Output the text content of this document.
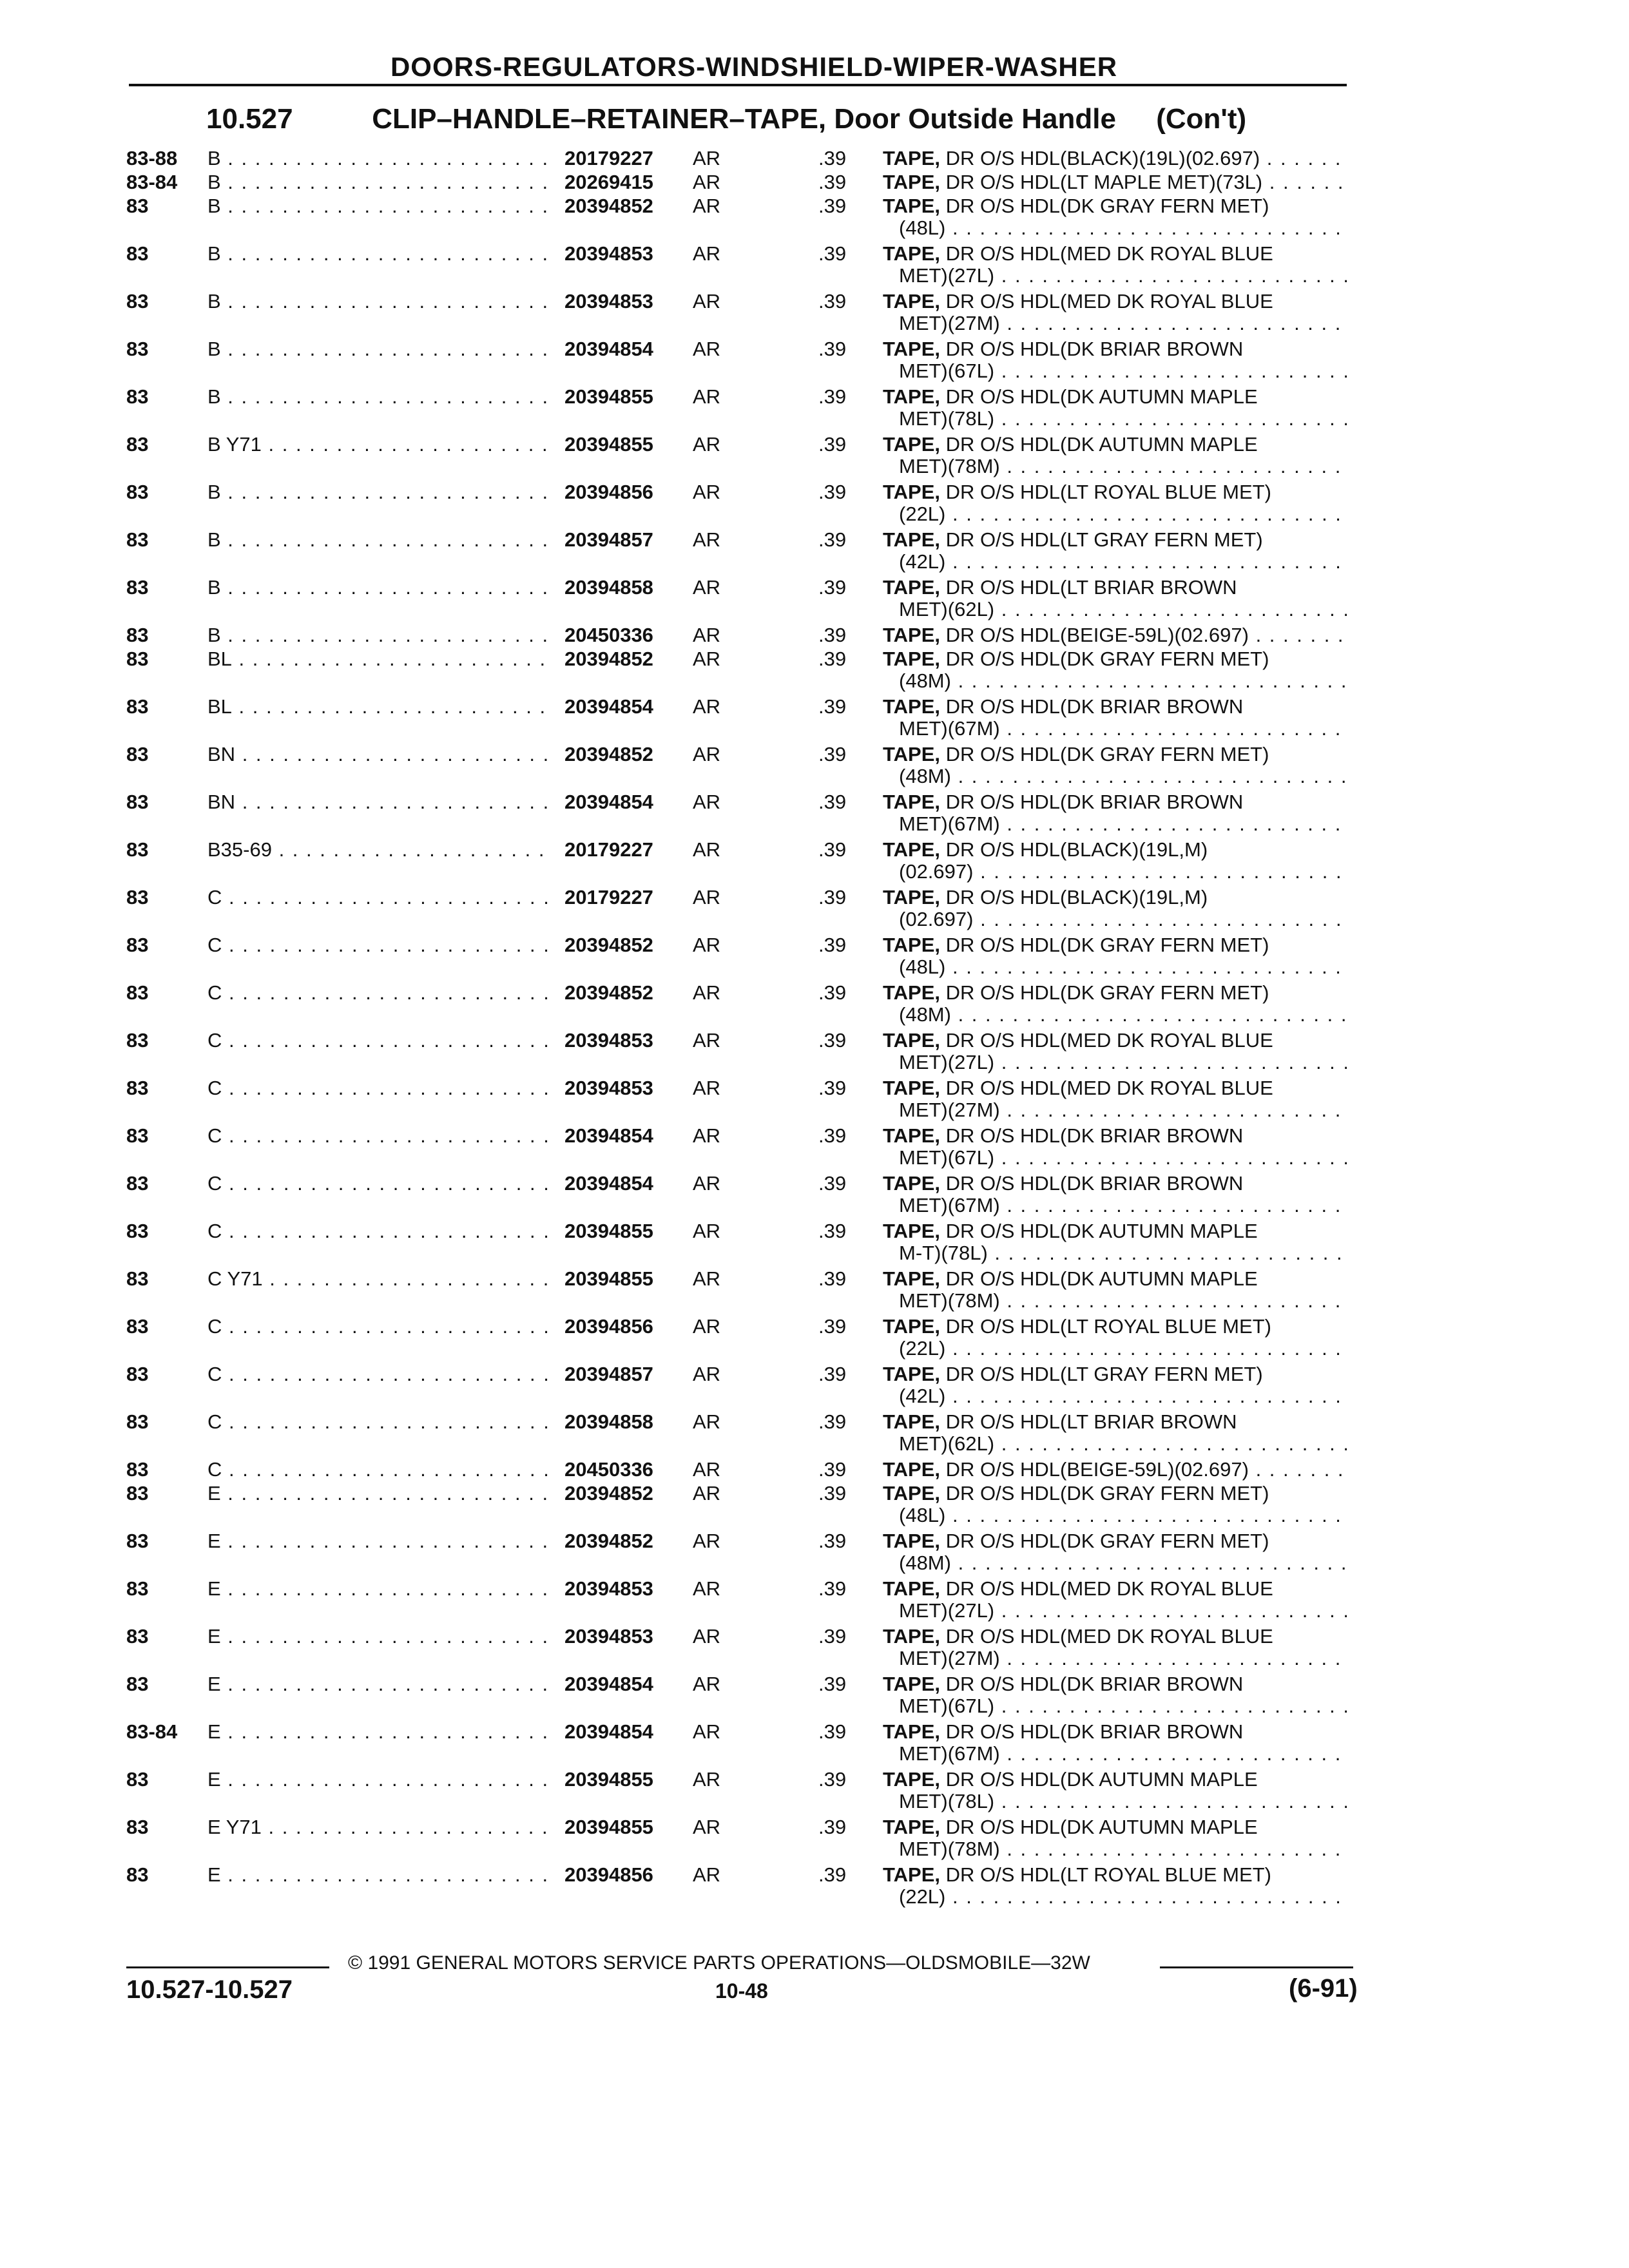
DOORS-REGULATORS-WINDSHIELD-WIPER-WASHER
10.527	CLIP–HANDLE–RETAINER–TAPE, Door Outside Handle (Con't)
83-88 B . . .	20179227 AR	.39 TAPE, DR O/S HDL(BLACK)(19L)(02.697) . . .
83-84 B . . .	20269415 AR	.39 TAPE, DR O/S HDL(LT MAPLE MET)(73L) . . .
83	B . . .	20394852 AR	.39 TAPE, DR O/S HDL(DK GRAY FERN MET)
(48L) . . .
83	B . . .	20394853 AR	.39 TAPE, DR O/S HDL(MED DK ROYAL BLUE
MET)(27L) . . .
83	B . . .	20394853 AR	.39 TAPE, DR O/S HDL(MED DK ROYAL BLUE
MET)(27M) . . .
83	B . . .	20394854 AR	.39 TAPE, DR O/S HDL(DK BRIAR BROWN
MET)(67L) . . .
83	B . . .	20394855 AR	.39 TAPE, DR O/S HDL(DK AUTUMN MAPLE
MET)(78L) . . .
83	B Y71 . . .	20394855 AR	.39 TAPE, DR O/S HDL(DK AUTUMN MAPLE
MET)(78M) . . .
83	B . . .	20394856 AR	.39 TAPE, DR O/S HDL(LT ROYAL BLUE MET)
(22L) . . .
83	B . . .	20394857 AR	.39 TAPE, DR O/S HDL(LT GRAY FERN MET)
(42L) . . .
83	B . . .	20394858 AR	.39 TAPE, DR O/S HDL(LT BRIAR BROWN
MET)(62L) . . .
83	B . . .	20450336 AR	.39 TAPE, DR O/S HDL(BEIGE-59L)(02.697) . . .
83	BL . . .	20394852 AR	.39 TAPE, DR O/S HDL(DK GRAY FERN MET)
(48M) . . .
83	BL . . .	20394854 AR	.39 TAPE, DR O/S HDL(DK BRIAR BROWN
MET)(67M) . . .
83	BN . . .	20394852 AR	.39 TAPE, DR O/S HDL(DK GRAY FERN MET)
(48M) . . .
83	BN . . .	20394854 AR	.39 TAPE, DR O/S HDL(DK BRIAR BROWN
MET)(67M) . . .
83	B35-69 . . .	20179227 AR	.39 TAPE, DR O/S HDL(BLACK)(19L,M)
(02.697) . . .
83	C . . .	20179227 AR	.39 TAPE, DR O/S HDL(BLACK)(19L,M)
(02.697) . . .
83	C . . .	20394852 AR	.39 TAPE, DR O/S HDL(DK GRAY FERN MET)
(48L) . . .
83	C . . .	20394852 AR	.39 TAPE, DR O/S HDL(DK GRAY FERN MET)
(48M) . . .
83	C . . .	20394853 AR	.39 TAPE, DR O/S HDL(MED DK ROYAL BLUE
MET)(27L) . . .
83	C . . .	20394853 AR	.39 TAPE, DR O/S HDL(MED DK ROYAL BLUE
MET)(27M) . . .
83	C . . .	20394854 AR	.39 TAPE, DR O/S HDL(DK BRIAR BROWN
MET)(67L) . . .
83	C . . .	20394854 AR	.39 TAPE, DR O/S HDL(DK BRIAR BROWN
MET)(67M) . . .
83	C . . .	20394855 AR	.39 TAPE, DR O/S HDL(DK AUTUMN MAPLE
M-T)(78L) . . .
83	C Y71 . . .	20394855 AR	.39 TAPE, DR O/S HDL(DK AUTUMN MAPLE
MET)(78M) . . .
83	C . . .	20394856 AR	.39 TAPE, DR O/S HDL(LT ROYAL BLUE MET)
(22L) . . .
83	C . . .	20394857 AR	.39 TAPE, DR O/S HDL(LT GRAY FERN MET)
(42L) . . .
83	C . . .	20394858 AR	.39 TAPE, DR O/S HDL(LT BRIAR BROWN
MET)(62L) . . .
83	C . . .	20450336 AR	.39 TAPE, DR O/S HDL(BEIGE-59L)(02.697) . . .
83	E . . .	20394852 AR	.39 TAPE, DR O/S HDL(DK GRAY FERN MET)
(48L) . . .
83	E . . .	20394852 AR	.39 TAPE, DR O/S HDL(DK GRAY FERN MET)
(48M) . . .
83	E . . .	20394853 AR	.39 TAPE, DR O/S HDL(MED DK ROYAL BLUE
MET)(27L) . . .
83	E . . .	20394853 AR	.39 TAPE, DR O/S HDL(MED DK ROYAL BLUE
MET)(27M) . . .
83	E . . .	20394854 AR	.39 TAPE, DR O/S HDL(DK BRIAR BROWN
MET)(67L) . . .
83-84 E . . .	20394854 AR	.39 TAPE, DR O/S HDL(DK BRIAR BROWN
MET)(67M) . . .
83	E . . .	20394855 AR	.39 TAPE, DR O/S HDL(DK AUTUMN MAPLE
MET)(78L) . . .
83	E Y71 . . .	20394855 AR	.39 TAPE, DR O/S HDL(DK AUTUMN MAPLE
MET)(78M) . . .
83	E . . .	20394856 AR	.39 TAPE, DR O/S HDL(LT ROYAL BLUE MET)
(22L) . . .
© 1991 GENERAL MOTORS SERVICE PARTS OPERATIONS—OLDSMOBILE—32W
10.527-10.527	10-48	(6-91)
